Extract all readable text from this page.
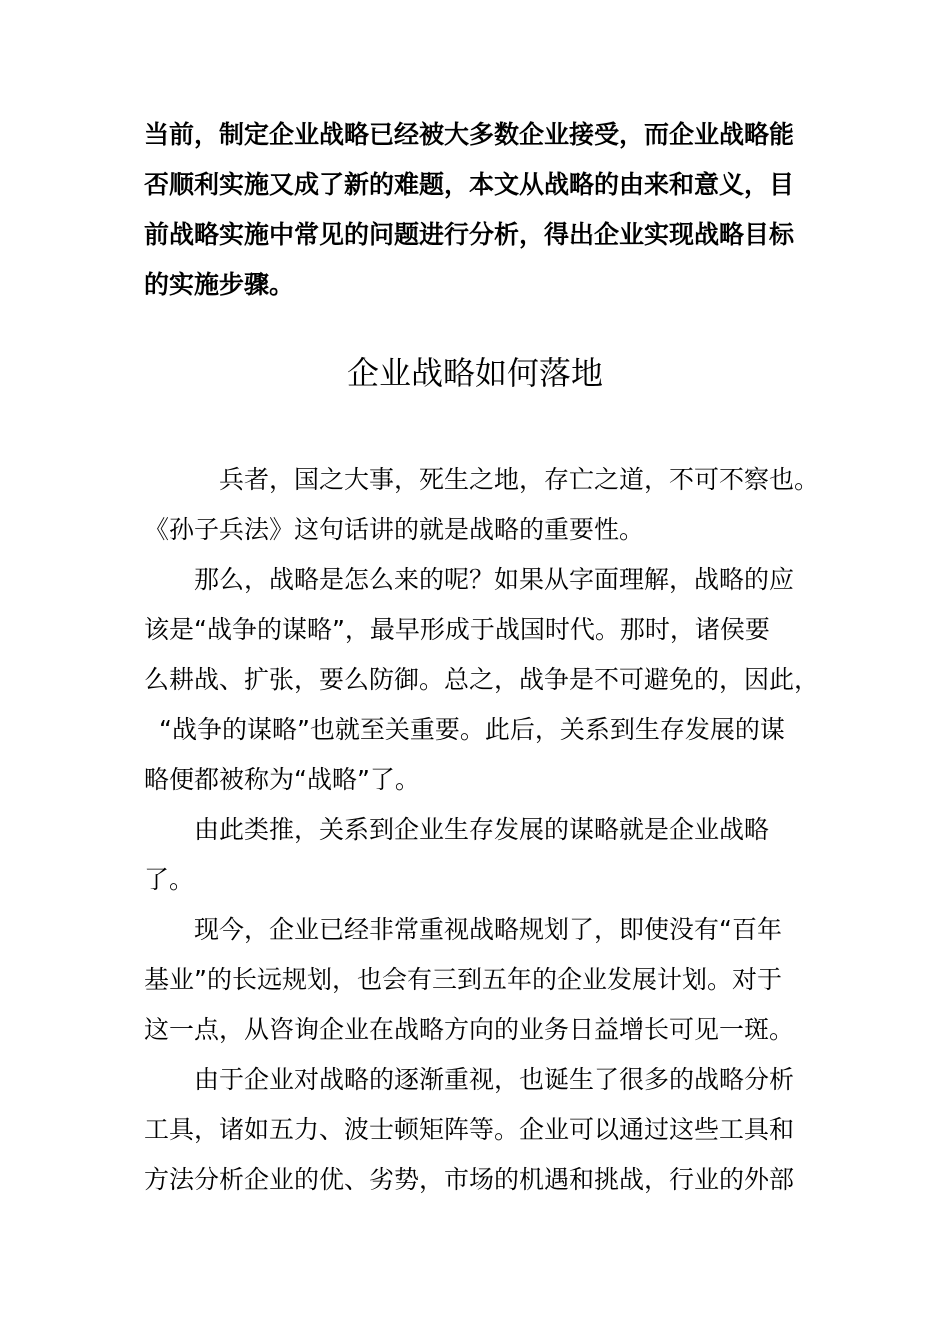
当前，制定企业战略已经被大多数企业接受，而企业战略能
否顺利实施又成了新的难题，本文从战略的由来和意义，目
前战略实施中常见的问题进行分析，得出企业实现战略目标
的实施步骤。
企业战略如何落地
兵者，国之大事，死生之地，存亡之道，不可不察也。
《孙子兵法》这句话讲的就是战略的重要性。
那么，战略是怎么来的呢？如果从字面理解，战略的应
该是“战争的谋略”，最早形成于战国时代。那时，诸侯要
么耕战、扩张，要么防御。总之，战争是不可避免的，因此，
“战争的谋略”也就至关重要。此后，关系到生存发展的谋
略便都被称为“战略”了。
由此类推，关系到企业生存发展的谋略就是企业战略
了。
现今，企业已经非常重视战略规划了，即使没有“百年
基业”的长远规划，也会有三到五年的企业发展计划。对于
这一点，从咨询企业在战略方向的业务日益增长可见一斑。
由于企业对战略的逐渐重视，也诞生了很多的战略分析
工具，诸如五力、波士顿矩阵等。企业可以通过这些工具和
方法分析企业的优、劣势，市场的机遇和挑战，行业的外部
